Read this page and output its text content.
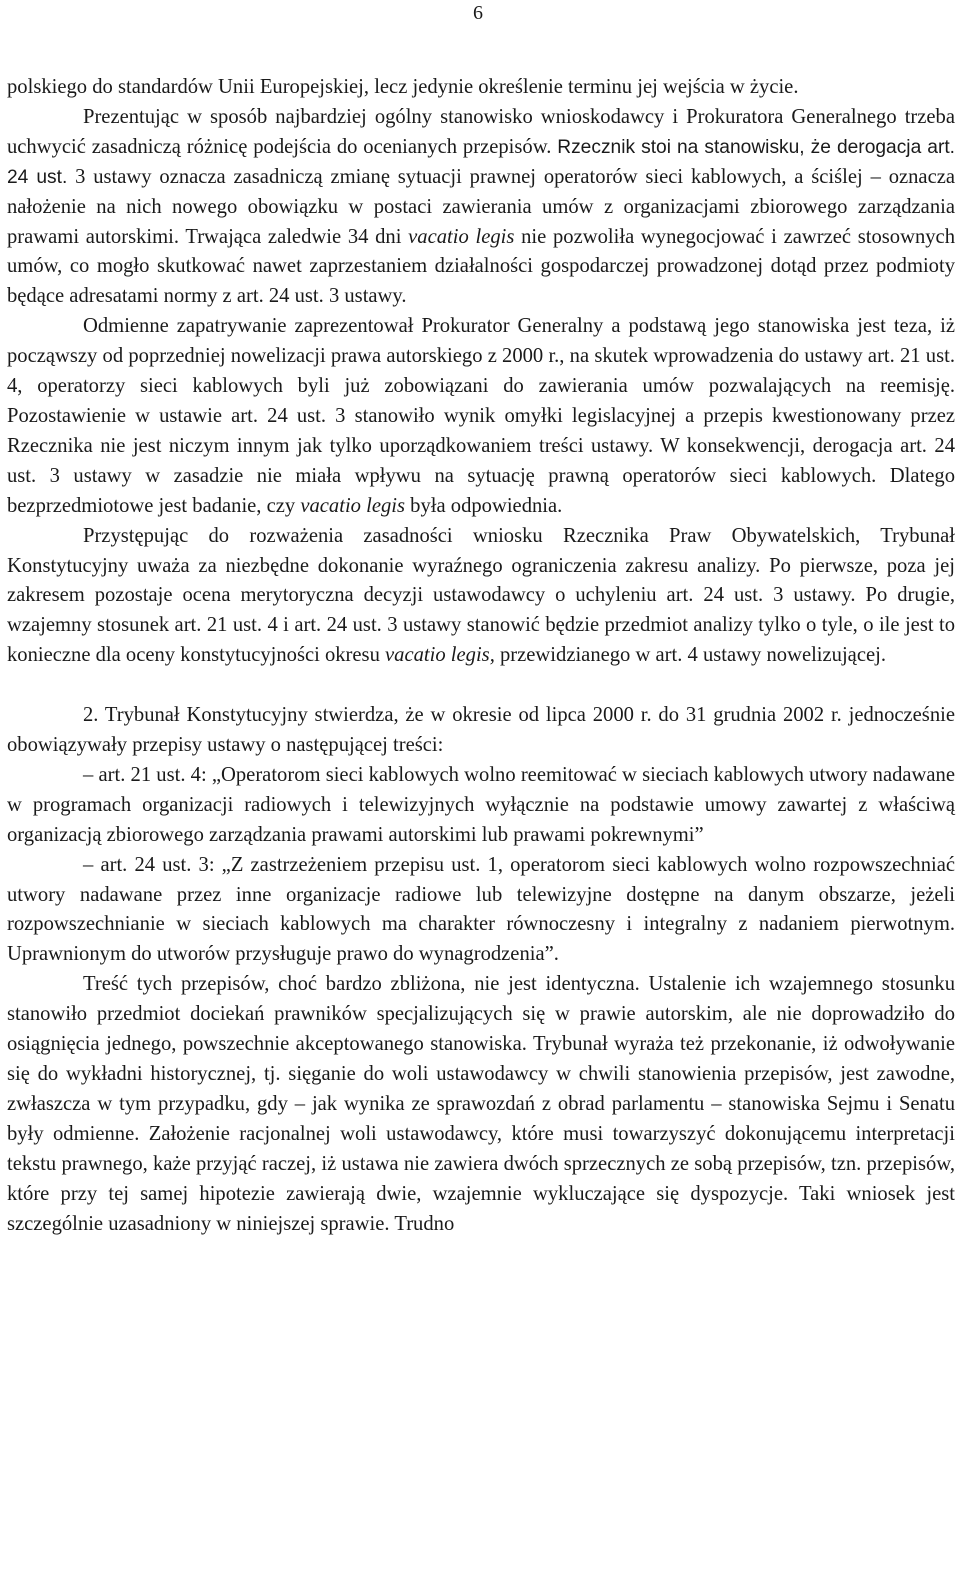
6

polskiego do standardów Unii Europejskiej, lecz jedynie określenie terminu jej wejścia w życie.

Prezentując w sposób najbardziej ogólny stanowisko wnioskodawcy i Prokuratora Generalnego trzeba uchwycić zasadniczą różnicę podejścia do ocenianych przepisów. Rzecznik stoi na stanowisku, że derogacja art. 24 ust. 3 ustawy oznacza zasadniczą zmianę sytuacji prawnej operatorów sieci kablowych, a ściślej – oznacza nałożenie na nich nowego obowiązku w postaci zawierania umów z organizacjami zbiorowego zarządzania prawami autorskimi. Trwająca zaledwie 34 dni vacatio legis nie pozwoliła wynegocjować i zawrzeć stosownych umów, co mogło skutkować nawet zaprzestaniem działalności gospodarczej prowadzonej dotąd przez podmioty będące adresatami normy z art. 24 ust. 3 ustawy.

Odmienne zapatrywanie zaprezentował Prokurator Generalny a podstawą jego stanowiska jest teza, iż począwszy od poprzedniej nowelizacji prawa autorskiego z 2000 r., na skutek wprowadzenia do ustawy art. 21 ust. 4, operatorzy sieci kablowych byli już zobowiązani do zawierania umów pozwalających na reemisję. Pozostawienie w ustawie art. 24 ust. 3 stanowiło wynik omyłki legislacyjnej a przepis kwestionowany przez Rzecznika nie jest niczym innym jak tylko uporządkowaniem treści ustawy. W konsekwencji, derogacja art. 24 ust. 3 ustawy w zasadzie nie miała wpływu na sytuację prawną operatorów sieci kablowych. Dlatego bezprzedmiotowe jest badanie, czy vacatio legis była odpowiednia.

Przystępując do rozważenia zasadności wniosku Rzecznika Praw Obywatelskich, Trybunał Konstytucyjny uważa za niezbędne dokonanie wyraźnego ograniczenia zakresu analizy. Po pierwsze, poza jej zakresem pozostaje ocena merytoryczna decyzji ustawodawcy o uchyleniu art. 24 ust. 3 ustawy. Po drugie, wzajemny stosunek art. 21 ust. 4 i art. 24 ust. 3 ustawy stanowić będzie przedmiot analizy tylko o tyle, o ile jest to konieczne dla oceny konstytucyjności okresu vacatio legis, przewidzianego w art. 4 ustawy nowelizującej.

2. Trybunał Konstytucyjny stwierdza, że w okresie od lipca 2000 r. do 31 grudnia 2002 r. jednocześnie obowiązywały przepisy ustawy o następującej treści:

– art. 21 ust. 4: „Operatorom sieci kablowych wolno reemitować w sieciach kablowych utwory nadawane w programach organizacji radiowych i telewizyjnych wyłącznie na podstawie umowy zawartej z właściwą organizacją zbiorowego zarządzania prawami autorskimi lub prawami pokrewnymi”

– art. 24 ust. 3: „Z zastrzeżeniem przepisu ust. 1, operatorom sieci kablowych wolno rozpowszechniać utwory nadawane przez inne organizacje radiowe lub telewizyjne dostępne na danym obszarze, jeżeli rozpowszechnianie w sieciach kablowych ma charakter równoczesny i integralny z nadaniem pierwotnym. Uprawnionym do utworów przysługuje prawo do wynagrodzenia”.

Treść tych przepisów, choć bardzo zbliżona, nie jest identyczna. Ustalenie ich wzajemnego stosunku stanowiło przedmiot dociekań prawników specjalizujących się w prawie autorskim, ale nie doprowadziło do osiągnięcia jednego, powszechnie akceptowanego stanowiska. Trybunał wyraża też przekonanie, iż odwoływanie się do wykładni historycznej, tj. sięganie do woli ustawodawcy w chwili stanowienia przepisów, jest zawodne, zwłaszcza w tym przypadku, gdy – jak wynika ze sprawozdań z obrad parlamentu – stanowiska Sejmu i Senatu były odmienne. Założenie racjonalnej woli ustawodawcy, które musi towarzyszyć dokonującemu interpretacji tekstu prawnego, każe przyjąć raczej, iż ustawa nie zawiera dwóch sprzecznych ze sobą przepisów, tzn. przepisów, które przy tej samej hipotezie zawierają dwie, wzajemnie wykluczające się dyspozycje. Taki wniosek jest szczególnie uzasadniony w niniejszej sprawie. Trudno
